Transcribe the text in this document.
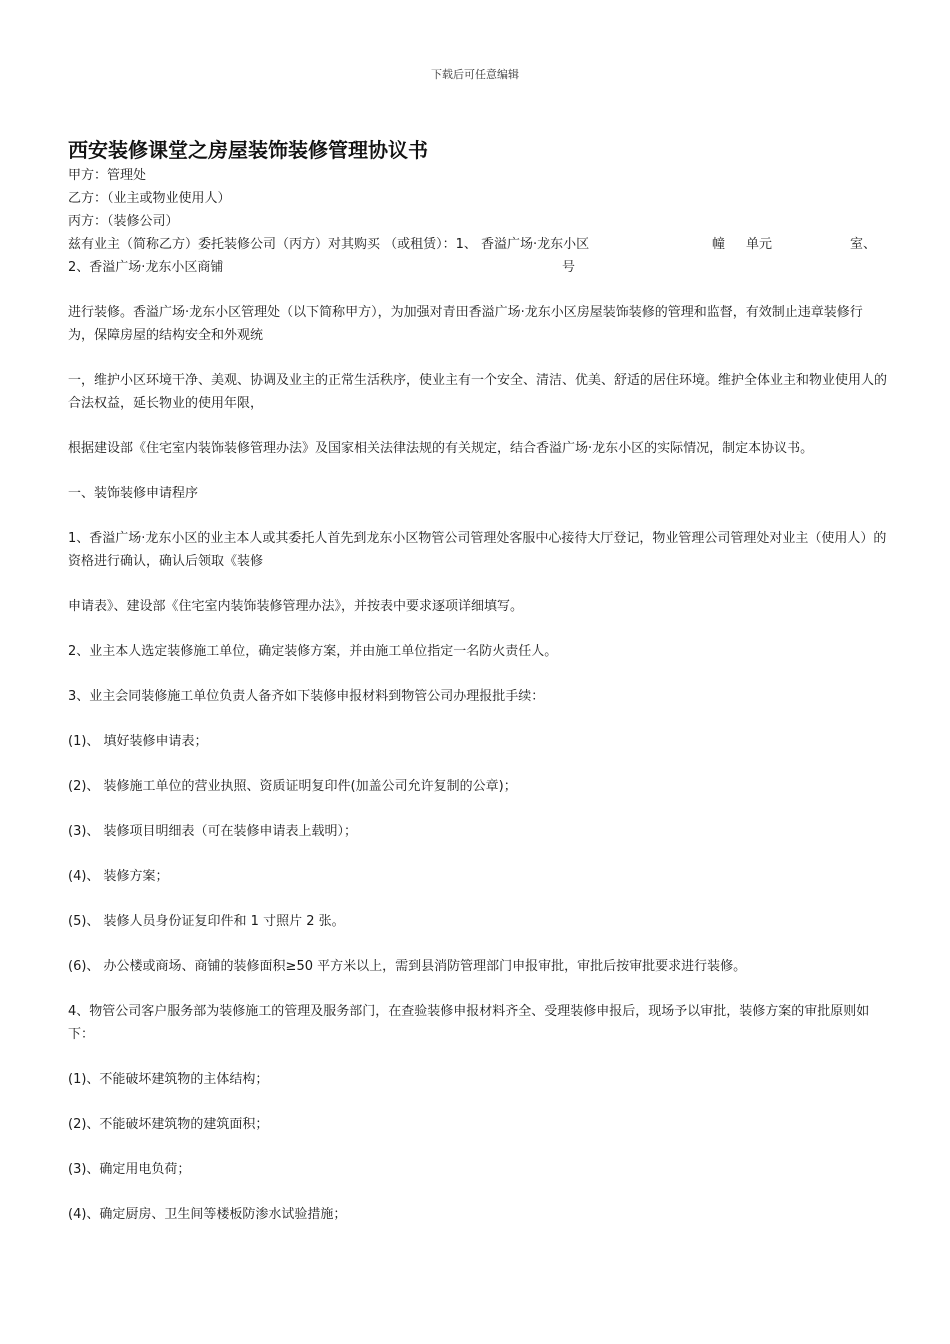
下载后可任意编辑
西安装修课堂之房屋装饰装修管理协议书

甲方：管理处

乙方：（业主或物业使用人）

丙方：（装修公司）

兹有业主（简称乙方）委托装修公司（丙方）对其购买 （或租赁）：1、 香溢广场·龙东小区	幢 单元	室、
2、香溢广场·龙东小区商铺	号

进行装修。香溢广场·龙东小区管理处（以下简称甲方），为加强对青田香溢广场·龙东小区房屋装饰装修的管理和监督，有效制止违章装修行为，保障房屋的结构安全和外观统

一，维护小区环境干净、美观、协调及业主的正常生活秩序，使业主有一个安全、清洁、优美、舒适的居住环境。维护全体业主和物业使用人的合法权益，延长物业的使用年限，

根据建设部《住宅室内装饰装修管理办法》及国家相关法律法规的有关规定，结合香溢广场·龙东小区的实际情况，制定本协议书。

一、装饰装修申请程序

1、香溢广场·龙东小区的业主本人或其委托人首先到龙东小区物管公司管理处客服中心接待大厅登记，物业管理公司管理处对业主（使用人）的资格进行确认，确认后领取《装修

申请表》、建设部《住宅室内装饰装修管理办法》，并按表中要求逐项详细填写。

2、业主本人选定装修施工单位，确定装修方案，并由施工单位指定一名防火责任人。

3、业主会同装修施工单位负责人备齐如下装修申报材料到物管公司办理报批手续：

(1)、 填好装修申请表；

(2)、 装修施工单位的营业执照、资质证明复印件(加盖公司允许复制的公章)；

(3)、 装修项目明细表（可在装修申请表上载明）；

(4)、 装修方案；

(5)、 装修人员身份证复印件和 1 寸照片 2 张。

(6)、 办公楼或商场、商铺的装修面积≥50 平方米以上，需到县消防管理部门申报审批，审批后按审批要求进行装修。

4、物管公司客户服务部为装修施工的管理及服务部门，在查验装修申报材料齐全、受理装修申报后，现场予以审批，装修方案的审批原则如下：

(1)、不能破坏建筑物的主体结构；

(2)、不能破坏建筑物的建筑面积；

(3)、确定用电负荷；

(4)、确定厨房、卫生间等楼板防渗水试验措施；
